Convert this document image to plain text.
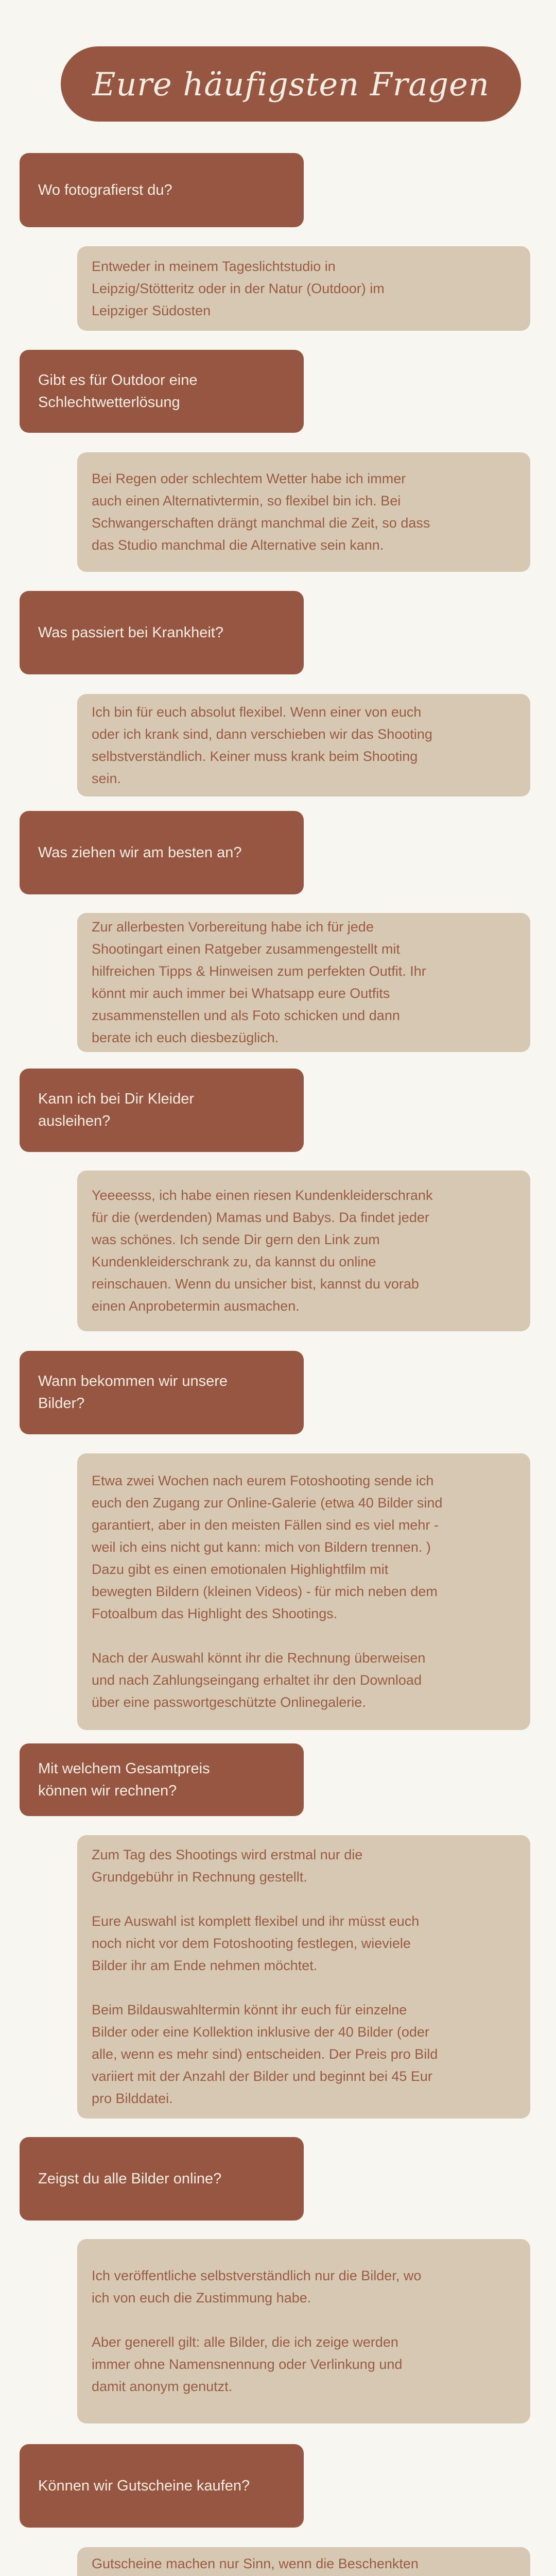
Eure häufigsten Fragen
Wo fotografierst du?

Entweder in meinem Tageslichtstudio in
Leipzig/Stötteritz oder in der Natur (Outdoor) im
Leipziger Südosten

Gibt es für Outdoor eine
Schlechtwetterlösung

Bei Regen oder schlechtem Wetter habe ich immer
auch einen Alternativtermin, so flexibel bin ich. Bei
Schwangerschaften drängt manchmal die Zeit, so dass
das Studio manchmal die Alternative sein kann.

Was passiert bei Krankheit?

Ich bin für euch absolut flexibel. Wenn einer von euch
oder ich krank sind, dann verschieben wir das Shooting
selbstverständlich. Keiner muss krank beim Shooting
sein.

Was ziehen wir am besten an?

Zur allerbesten Vorbereitung habe ich für jede
Shootingart einen Ratgeber zusammengestellt mit
hilfreichen Tipps & Hinweisen zum perfekten Outfit. Ihr
könnt mir auch immer bei Whatsapp eure Outfits
zusammenstellen und als Foto schicken und dann
berate ich euch diesbezüglich.

Kann ich bei Dir Kleider
ausleihen?

Yeeeesss, ich habe einen riesen Kundenkleiderschrank
für die (werdenden) Mamas und Babys. Da findet jeder
was schönes. Ich sende Dir gern den Link zum
Kundenkleiderschrank zu, da kannst du online
reinschauen. Wenn du unsicher bist, kannst du vorab
einen Anprobetermin ausmachen.

Wann bekommen wir unsere
Bilder?

Etwa zwei Wochen nach eurem Fotoshooting sende ich
euch den Zugang zur Online-Galerie (etwa 40 Bilder sind
garantiert, aber in den meisten Fällen sind es viel mehr -
weil ich eins nicht gut kann: mich von Bildern trennen. )
Dazu gibt es einen emotionalen Highlightfilm mit
bewegten Bildern (kleinen Videos) - für mich neben dem
Fotoalbum das Highlight des Shootings.

Nach der Auswahl könnt ihr die Rechnung überweisen
und nach Zahlungseingang erhaltet ihr den Download
über eine passwortgeschützte Onlinegalerie.

Mit welchem Gesamtpreis
können wir rechnen?

Zum Tag des Shootings wird erstmal nur die
Grundgebühr in Rechnung gestellt.

Eure Auswahl ist komplett flexibel und ihr müsst euch
noch nicht vor dem Fotoshooting festlegen, wieviele
Bilder ihr am Ende nehmen möchtet.

Beim Bildauswahltermin könnt ihr euch für einzelne
Bilder oder eine Kollektion inklusive der 40 Bilder (oder
alle, wenn es mehr sind) entscheiden. Der Preis pro Bild
variiert mit der Anzahl der Bilder und beginnt bei 45 Eur
pro Bilddatei.

Zeigst du alle Bilder online?

Ich veröffentliche selbstverständlich nur die Bilder, wo
ich von euch die Zustimmung habe.

Aber generell gilt: alle Bilder, die ich zeige werden
immer ohne Namensnennung oder Verlinkung und
damit anonym genutzt.

Können wir Gutscheine kaufen?

Gutscheine machen nur Sinn, wenn die Beschenkten
